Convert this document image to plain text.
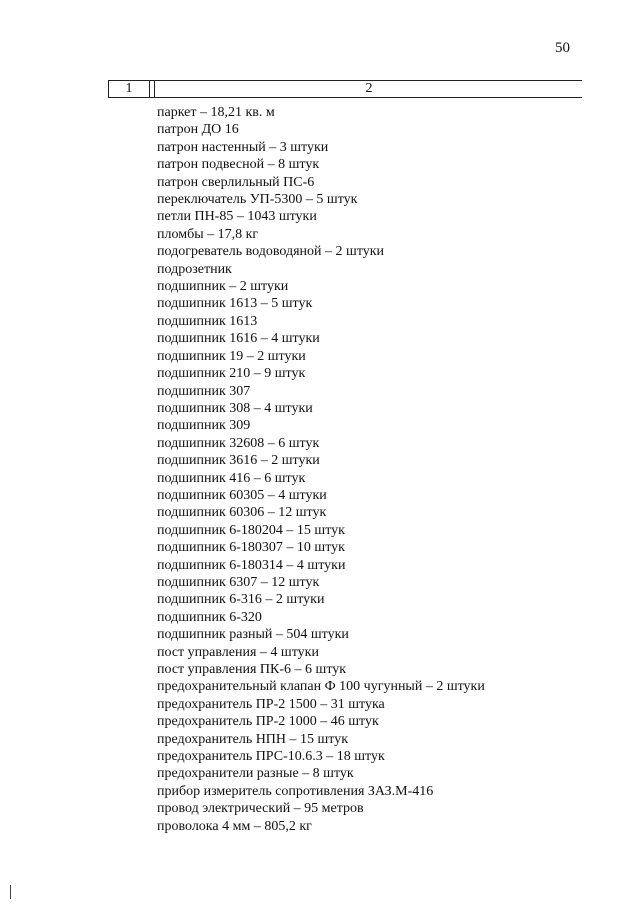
50
1	2
паркет – 18,21 кв. м
патрон ДО 16
патрон настенный – 3 штуки
патрон подвесной – 8 штук
патрон сверлильный ПС-6
переключатель УП-5300 – 5 штук
петли ПН-85 – 1043 штуки
пломбы – 17,8 кг
подогреватель водоводяной – 2 штуки
подрозетник
подшипник – 2 штуки
подшипник 1613 – 5 штук
подшипник 1613
подшипник 1616 – 4 штуки
подшипник 19 – 2 штуки
подшипник 210 – 9 штук
подшипник 307
подшипник 308 – 4 штуки
подшипник 309
подшипник 32608 – 6 штук
подшипник 3616 – 2 штуки
подшипник 416 – 6 штук
подшипник 60305 – 4 штуки
подшипник 60306 – 12 штук
подшипник 6-180204 – 15 штук
подшипник 6-180307 – 10 штук
подшипник 6-180314 – 4 штуки
подшипник 6307 – 12 штук
подшипник 6-316 – 2 штуки
подшипник 6-320
подшипник разный – 504 штуки
пост управления – 4 штуки
пост управления ПК-6 – 6 штук
предохранительный клапан Ф 100 чугунный – 2 штуки
предохранитель ПР-2 1500 – 31 штука
предохранитель ПР-2 1000 – 46 штук
предохранитель НПН – 15 штук
предохранитель ПРС-10.6.3 – 18 штук
предохранители разные – 8 штук
прибор измеритель сопротивления ЗАЗ.М-416
провод электрический – 95 метров
проволока 4 мм – 805,2 кг
